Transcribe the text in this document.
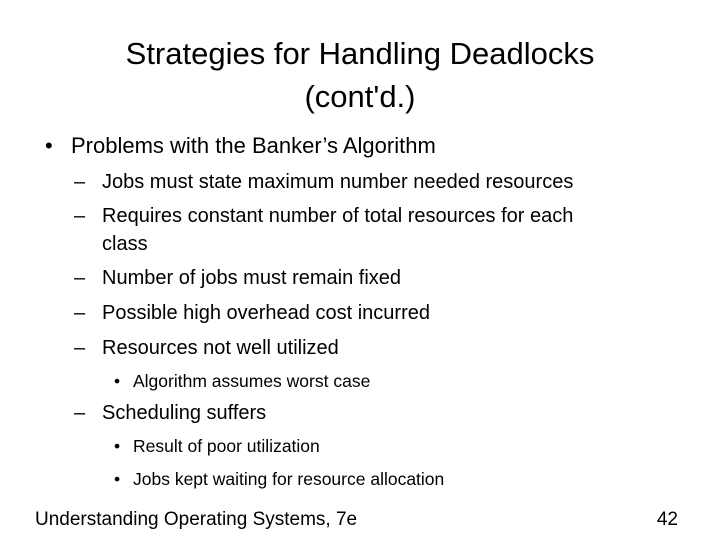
Strategies for Handling Deadlocks
(cont'd.)
• Problems with the Banker’s Algorithm
– Jobs must state maximum number needed resources
– Requires constant number of total resources for each
class
– Number of jobs must remain fixed
– Possible high overhead cost incurred
– Resources not well utilized
• Algorithm assumes worst case
– Scheduling suffers
• Result of poor utilization
• Jobs kept waiting for resource allocation
Understanding Operating Systems, 7e	42
